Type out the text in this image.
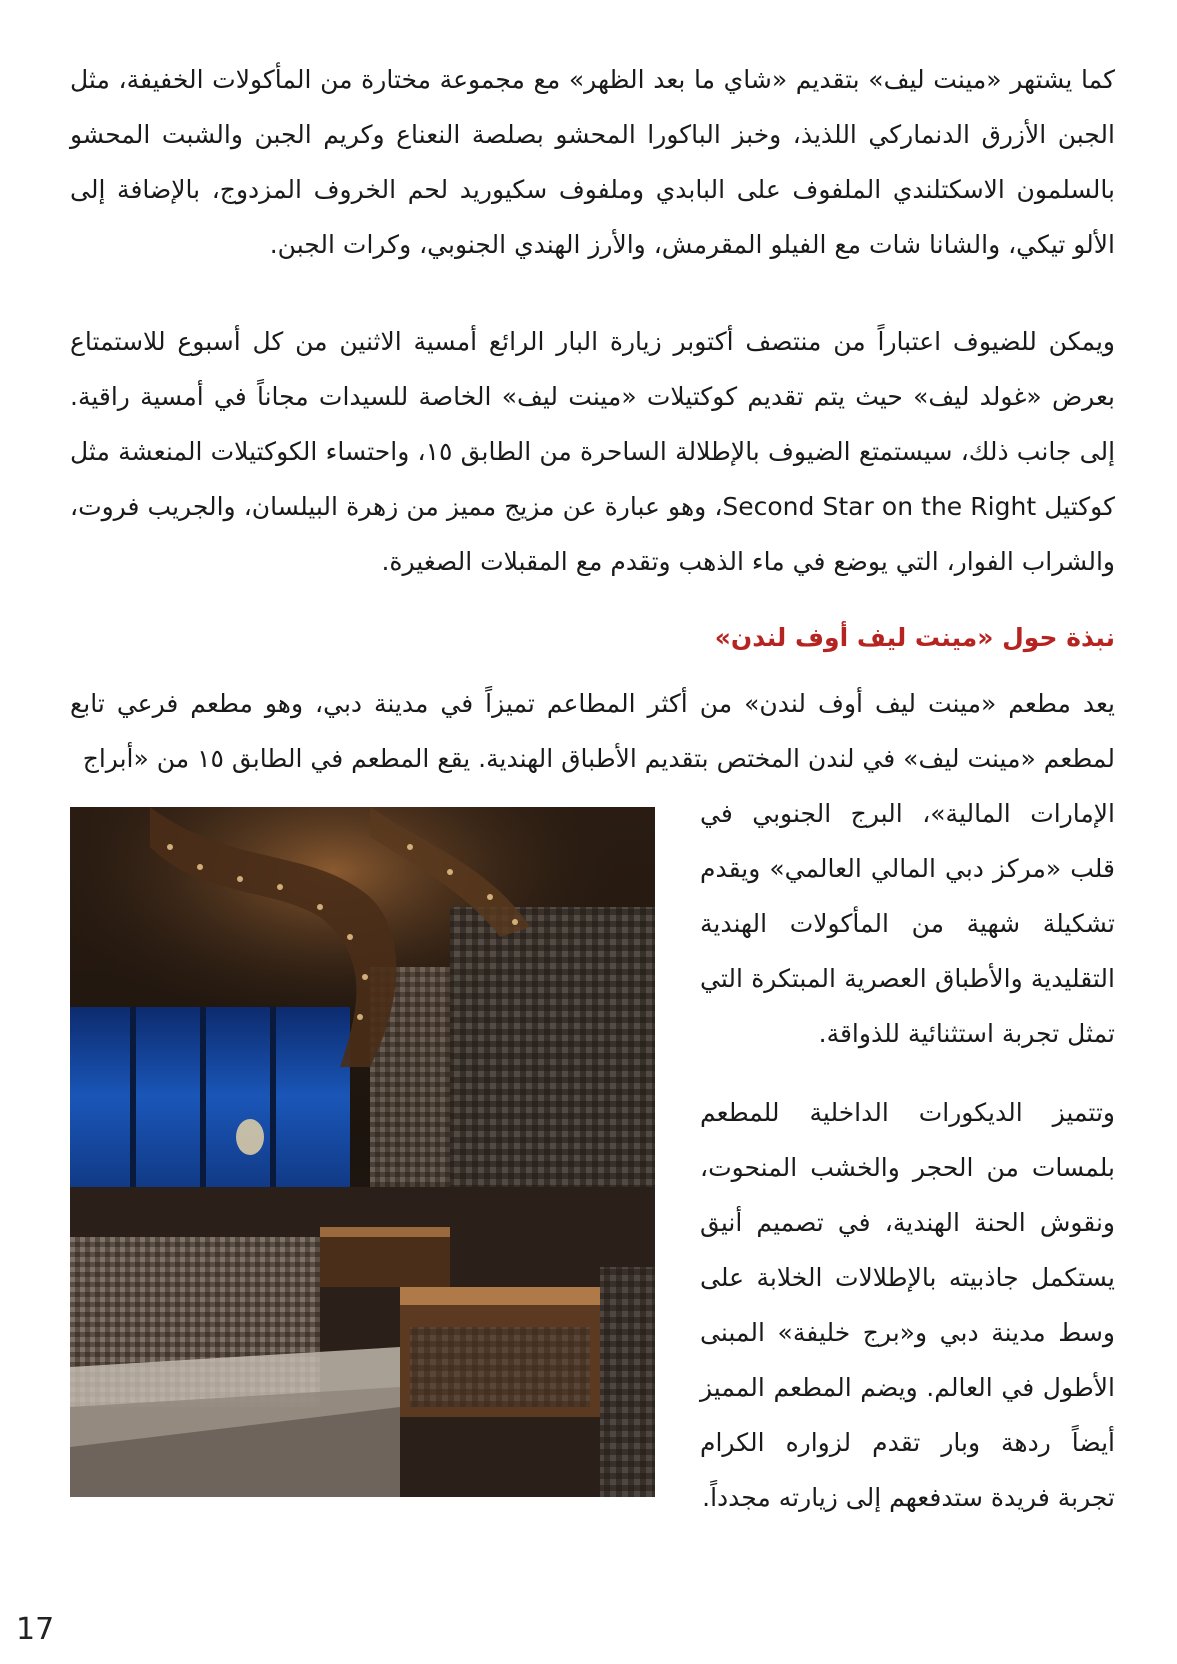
كما يشتهر «مينت ليف» بتقديم «شاي ما بعد الظهر» مع مجموعة مختارة من المأكولات الخفيفة، مثل الجبن الأزرق الدنماركي اللذيذ، وخبز الباكورا المحشو بصلصة النعناع وكريم الجبن والشبت المحشو بالسلمون الاسكتلندي الملفوف على البابدي وملفوف سكيوريد لحم الخروف المزدوج، بالإضافة إلى الألو تيكي، والشانا شات مع الفيلو المقرمش، والأرز الهندي الجنوبي، وكرات الجبن.

ويمكن للضيوف اعتباراً من منتصف أكتوبر زيارة البار الرائع أمسية الاثنين من كل أسبوع للاستمتاع بعرض «غولد ليف» حيث يتم تقديم كوكتيلات «مينت ليف» الخاصة للسيدات مجاناً في أمسية راقية. إلى جانب ذلك، سيستمتع الضيوف بالإطلالة الساحرة من الطابق ١٥، واحتساء الكوكتيلات المنعشة مثل كوكتيل Second Star on the Right، وهو عبارة عن مزيج مميز من زهرة البيلسان، والجريب فروت، والشراب الفوار، التي يوضع في ماء الذهب وتقدم مع المقبلات الصغيرة.

نبذة حول «مينت ليف أوف لندن»

يعد مطعم «مينت ليف أوف لندن» من أكثر المطاعم تميزاً في مدينة دبي، وهو مطعم فرعي تابع لمطعم «مينت ليف» في لندن المختص بتقديم الأطباق الهندية. يقع المطعم في الطابق ١٥ من «أبراج

الإمارات المالية»، البرج الجنوبي في قلب «مركز دبي المالي العالمي» ويقدم تشكيلة شهية من المأكولات الهندية التقليدية والأطباق العصرية المبتكرة التي تمثل تجربة استثنائية للذواقة.

وتتميز الديكورات الداخلية للمطعم بلمسات من الحجر والخشب المنحوت، ونقوش الحنة الهندية، في تصميم أنيق يستكمل جاذبيته بالإطلالات الخلابة على وسط مدينة دبي و«برج خليفة» المبنى الأطول في العالم. ويضم المطعم المميز أيضاً ردهة وبار تقدم لزواره الكرام تجربة فريدة ستدفعهم إلى زيارته مجدداً.

17
